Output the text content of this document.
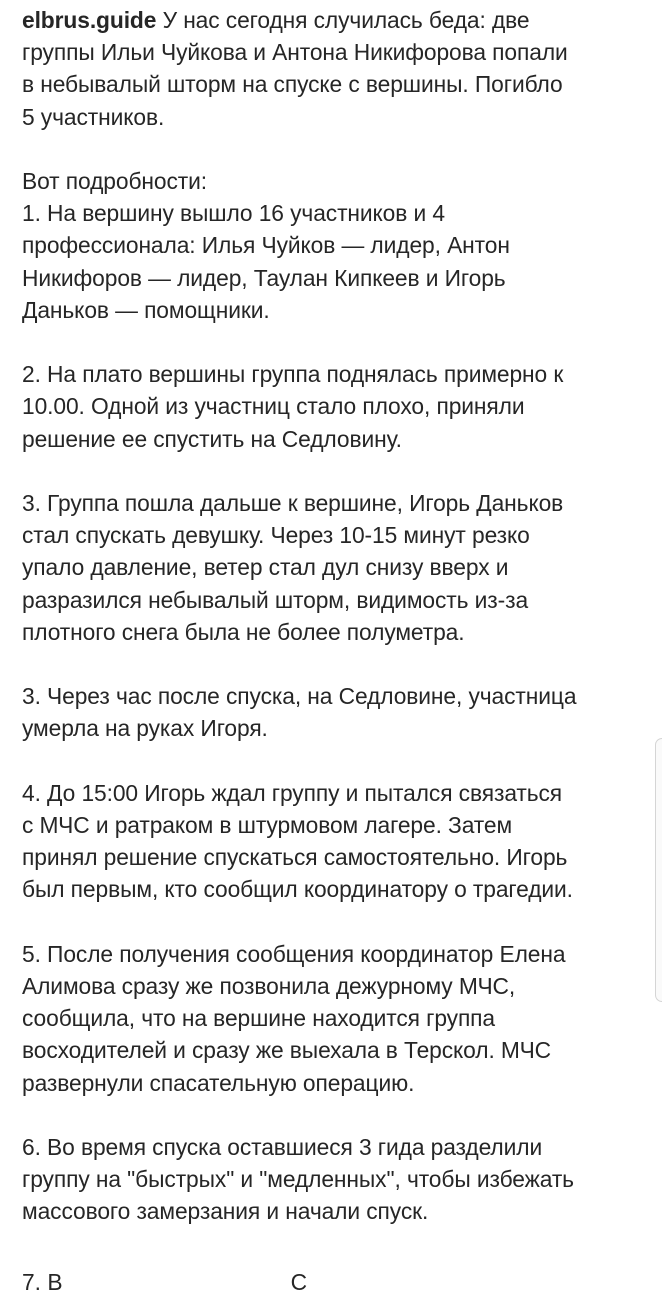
elbrus.guide У нас сегодня случилась беда: две
группы Ильи Чуйкова и Антона Никифорова попали
в небывалый шторм на спуске с вершины. Погибло
5 участников.

Вот подробности:
1. На вершину вышло 16 участников и 4
профессионала: Илья Чуйков — лидер, Антон
Никифоров — лидер, Таулан Кипкеев и Игорь
Даньков — помощники.

2. На плато вершины группа поднялась примерно к
10.00. Одной из участниц стало плохо, приняли
решение ее спустить на Седловину.

3. Группа пошла дальше к вершине, Игорь Даньков
стал спускать девушку. Через 10-15 минут резко
упало давление, ветер стал дул снизу вверх и
разразился небывалый шторм, видимость из-за
плотного снега была не более полуметра.

3. Через час после спуска, на Седловине, участница
умерла на руках Игоря.

4. До 15:00 Игорь ждал группу и пытался связаться
с МЧС и ратраком в штурмовом лагере. Затем
принял решение спускаться самостоятельно. Игорь
был первым, кто сообщил координатору о трагедии.

5. После получения сообщения координатор Елена
Алимова сразу же позвонила дежурному МЧС,
сообщила, что на вершине находится группа
восходителей и сразу же выехала в Терскол. МЧС
развернули спасательную операцию.

6. Во время спуска оставшиеся 3 гида разделили
группу на "быстрых" и "медленных", чтобы избежать
массового замерзания и начали спуск.

7. В                                    С
